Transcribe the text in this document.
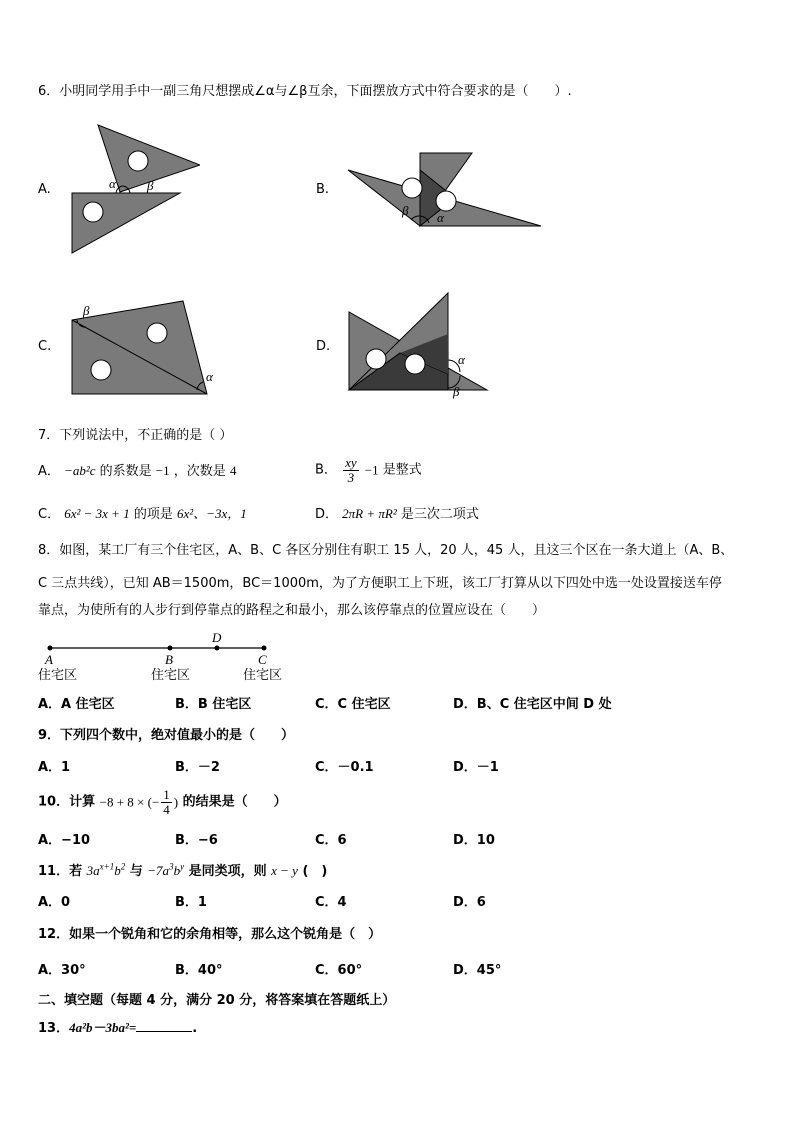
6．小明同学用手中一副三角尺想摆成∠α与∠β互余，下面摆放方式中符合要求的是（　　）.
A.	α β	B.
β α
C.
β
α
D.
α
β
7．下列说法中，不正确的是（ ）
A． −ab²c 的系数是 −1 ，次数是 4	B． $\frac{xy}{3} -1$ 是整式
C． 6x² − 3x + 1 的项是 6x²、−3x，1	D． 2πR + πR² 是三次二项式
8．如图，某工厂有三个住宅区，A、B、C 各区分别住有职工 15 人，20 人，45 人，且这三个区在一条大道上（A、B、
C 三点共线），已知 AB＝1500m，BC＝1000m，为了方便职工上下班，该工厂打算从以下四处中选一处设置接送车停
靠点，为使所有的人步行到停靠点的路程之和最小，那么该停靠点的位置应设在（　　）
A	B
D
C
住宅区	住宅区	住宅区
A．A 住宅区	B．B 住宅区	C．C 住宅区	D．B、C 住宅区中间 D 处
9．下列四个数中，绝对值最小的是（　　）
A．1	B．－2	C．－0.1	D．－1
10．计算 −8 + 8 × (− $\frac{1}{4}$ ) 的结果是（　　）
A．−10	B．−6	C．6	D．10
11．若 $3a^{x+1}b^2$ 与 $-7a^3b^y$ 是同类项，则 x − y (　)
A．0	B．1	C．4	D．6
12．如果一个锐角和它的余角相等，那么这个锐角是（　）
A．30°	B．40°	C．60°	D．45°
二、填空题（每题 4 分，满分 20 分，将答案填在答题纸上）
13．4a²b－3ba²=	.
